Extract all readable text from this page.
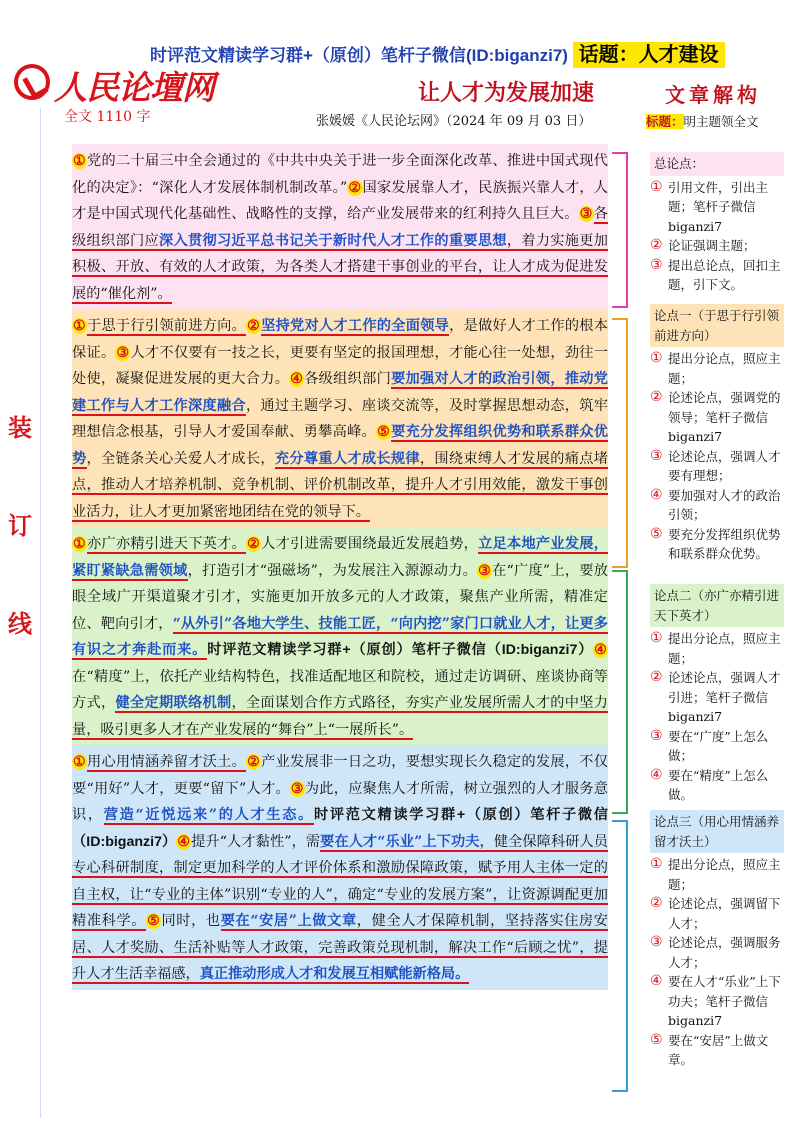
时评范文精读学习群+（原创）笔杆子微信(ID:biganzi7) 话题：人才建设
人民论壇网	让人才为发展加速
全文 1110 字	张媛媛《人民论坛网》（2024 年 09 月 03 日）
装
订
线

①党的二十届三中全会通过的《中共中央关于进一步全面深化改革、推进中国式现代化的决定》：“深化人才发展体制机制改革。”②国家发展靠人才，民族振兴靠人才，人才是中国式现代化基础性、战略性的支撑，给产业发展带来的红利持久且巨大。③各级组织部门应深入贯彻习近平总书记关于新时代人才工作的重要思想，着力实施更加积极、开放、有效的人才政策，为各类人才搭建干事创业的平台，让人才成为促进发展的“催化剂”。

①于思于行引领前进方向。②坚持党对人才工作的全面领导，是做好人才工作的根本保证。③人才不仅要有一技之长，更要有坚定的报国理想，才能心往一处想，劲往一处使，凝聚促进发展的更大合力。④各级组织部门要加强对人才的政治引领，推动党建工作与人才工作深度融合，通过主题学习、座谈交流等，及时掌握思想动态，筑牢理想信念根基，引导人才爱国奉献、勇攀高峰。⑤要充分发挥组织优势和联系群众优势，全链条关心关爱人才成长，充分尊重人才成长规律，围绕束缚人才发展的痛点堵点，推动人才培养机制、竞争机制、评价机制改革，提升人才引用效能，激发干事创业活力，让人才更加紧密地团结在党的领导下。

①亦广亦精引进天下英才。②人才引进需要围绕最近发展趋势，立足本地产业发展，紧盯紧缺急需领域，打造引才“强磁场”，为发展注入源源动力。③在“广度”上，要放眼全域广开渠道聚才引才，实施更加开放多元的人才政策，聚焦产业所需，精准定位、靶向引才，“从外引”各地大学生、技能工匠，“向内挖”家门口就业人才，让更多有识之才奔赴而来。时评范文精读学习群+（原创）笔杆子微信（ID:biganzi7）④在“精度”上，依托产业结构特色，找准适配地区和院校，通过走访调研、座谈协商等方式，健全定期联络机制，全面谋划合作方式路径，夯实产业发展所需人才的中坚力量，吸引更多人才在产业发展的“舞台”上“一展所长”。

①用心用情涵养留才沃土。②产业发展非一日之功，要想实现长久稳定的发展，不仅要“用好”人才，更要“留下”人才。③为此，应聚焦人才所需，树立强烈的人才服务意识，营造“近悦远来”的人才生态。时评范文精读学习群+（原创）笔杆子微信（ID:biganzi7）④提升“人才黏性”，需要在人才“乐业”上下功夫，健全保障科研人员专心科研制度，制定更加科学的人才评价体系和激励保障政策，赋予用人主体一定的自主权，让“专业的主体”识别“专业的人”，确定“专业的发展方案”，让资源调配更加精准科学。⑤同时，也要在“安居”上做文章，健全人才保障机制，坚持落实住房安居、人才奖励、生活补贴等人才政策，完善政策兑现机制，解决工作“后顾之忧”，提升人才生活幸福感，真正推动形成人才和发展互相赋能新格局。

文章解构
标题：明主题领全文
总论点：
① 引用文件，引出主题；笔杆子微信 biganzi7
② 论证强调主题；
③ 提出总论点，回扣主题，引下文。
论点一（于思于行引领前进方向）
① 提出分论点，照应主题；
② 论述论点，强调党的领导；笔杆子微信 biganzi7
③ 论述论点，强调人才要有理想；
④ 要加强对人才的政治引领；
⑤ 要充分发挥组织优势和联系群众优势。
论点二（亦广亦精引进天下英才）
① 提出分论点，照应主题；
② 论述论点，强调人才引进；笔杆子微信 biganzi7
③ 要在“广度”上怎么做；
④ 要在“精度”上怎么做。
论点三（用心用情涵养留才沃土）
① 提出分论点，照应主题；
② 论述论点，强调留下人才；
③ 论述论点，强调服务人才；
④ 要在人才“乐业”上下功夫；笔杆子微信 biganzi7
⑤ 要在“安居”上做文章。
